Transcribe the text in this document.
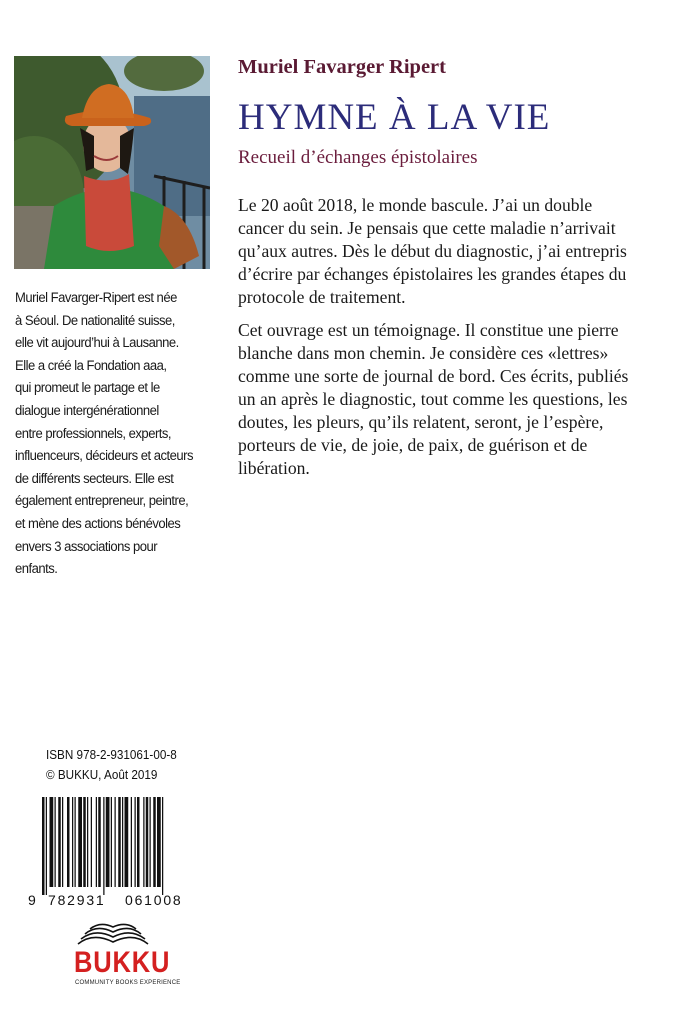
Muriel Favarger-Ripert est née
à Séoul. De nationalité suisse,
elle vit aujourd’hui à Lausanne.
Elle a créé la Fondation aaa,
qui promeut le partage et le
dialogue intergénérationnel
entre professionnels, experts,
influenceurs, décideurs et acteurs
de différents secteurs. Elle est
également entrepreneur, peintre,
et mène des actions bénévoles
envers 3 associations pour
enfants.
Muriel Favarger Ripert
HYMNE À LA VIE
Recueil d’échanges épistolaires

Le 20 août 2018, le monde bascule. J’ai un double cancer du sein. Je pensais que cette maladie n’arrivait qu’aux autres. Dès le début du diagnostic, j’ai entrepris d’écrire par échanges épistolaires les grandes étapes du protocole de traitement.

Cet ouvrage est un témoignage. Il constitue une pierre blanche dans mon chemin. Je considère ces «lettres» comme une sorte de journal de bord. Ces écrits, publiés un an après le diagnostic, tout comme les questions, les doutes, les pleurs, qu’ils relatent, seront, je l’espère, porteurs de vie, de joie, de paix, de guérison et de libération.

ISBN 978-2-931061-00-8
© BUKKU, Août 2019
9 782931 061008
BUKKU
COMMUNITY BOOKS EXPERIENCE
